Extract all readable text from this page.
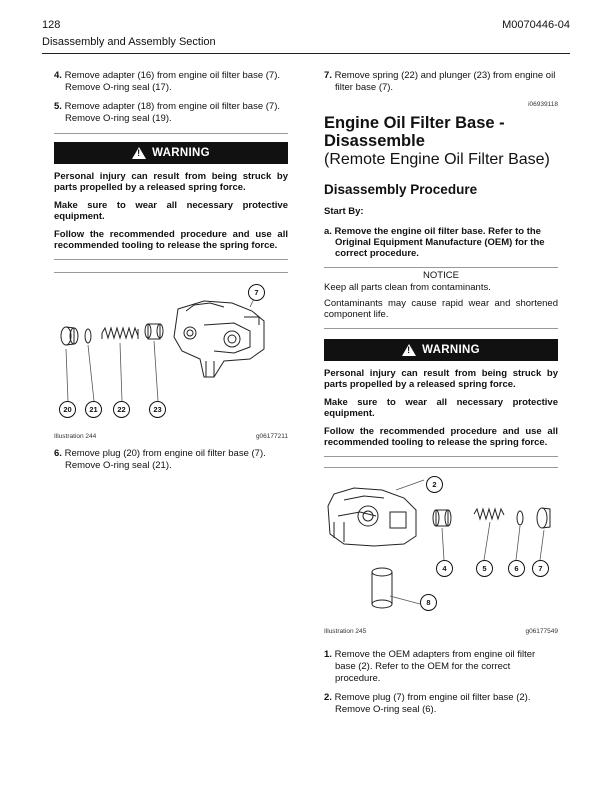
128	M0070446-04
Disassembly and Assembly Section
4. Remove adapter (16) from engine oil filter base (7). Remove O-ring seal (17).
5. Remove adapter (18) from engine oil filter base (7). Remove O-ring seal (19).
!
WARNING
Personal injury can result from being struck by parts propelled by a released spring force.
Make sure to wear all necessary protective equipment.
Follow the recommended procedure and use all recommended tooling to release the spring force.
7
20	21	22	23
Illustration 244	g06177211
6. Remove plug (20) from engine oil filter base (7). Remove O-ring seal (21).
7. Remove spring (22) and plunger (23) from engine oil filter base (7).
i06939118
Engine Oil Filter Base - Disassemble
(Remote Engine Oil Filter Base)
Disassembly Procedure
Start By:
a. Remove the engine oil filter base. Refer to the Original Equipment Manufacture (OEM) for the correct procedure.
NOTICE
Keep all parts clean from contaminants.
Contaminants may cause rapid wear and shortened component life.
!
WARNING
Personal injury can result from being struck by parts propelled by a released spring force.
Make sure to wear all necessary protective equipment.
Follow the recommended procedure and use all recommended tooling to release the spring force.
2
4	5	6	7
8
Illustration 245	g06177549
1. Remove the OEM adapters from engine oil filter base (2). Refer to the OEM for the correct procedure.
2. Remove plug (7) from engine oil filter base (2). Remove O-ring seal (6).
